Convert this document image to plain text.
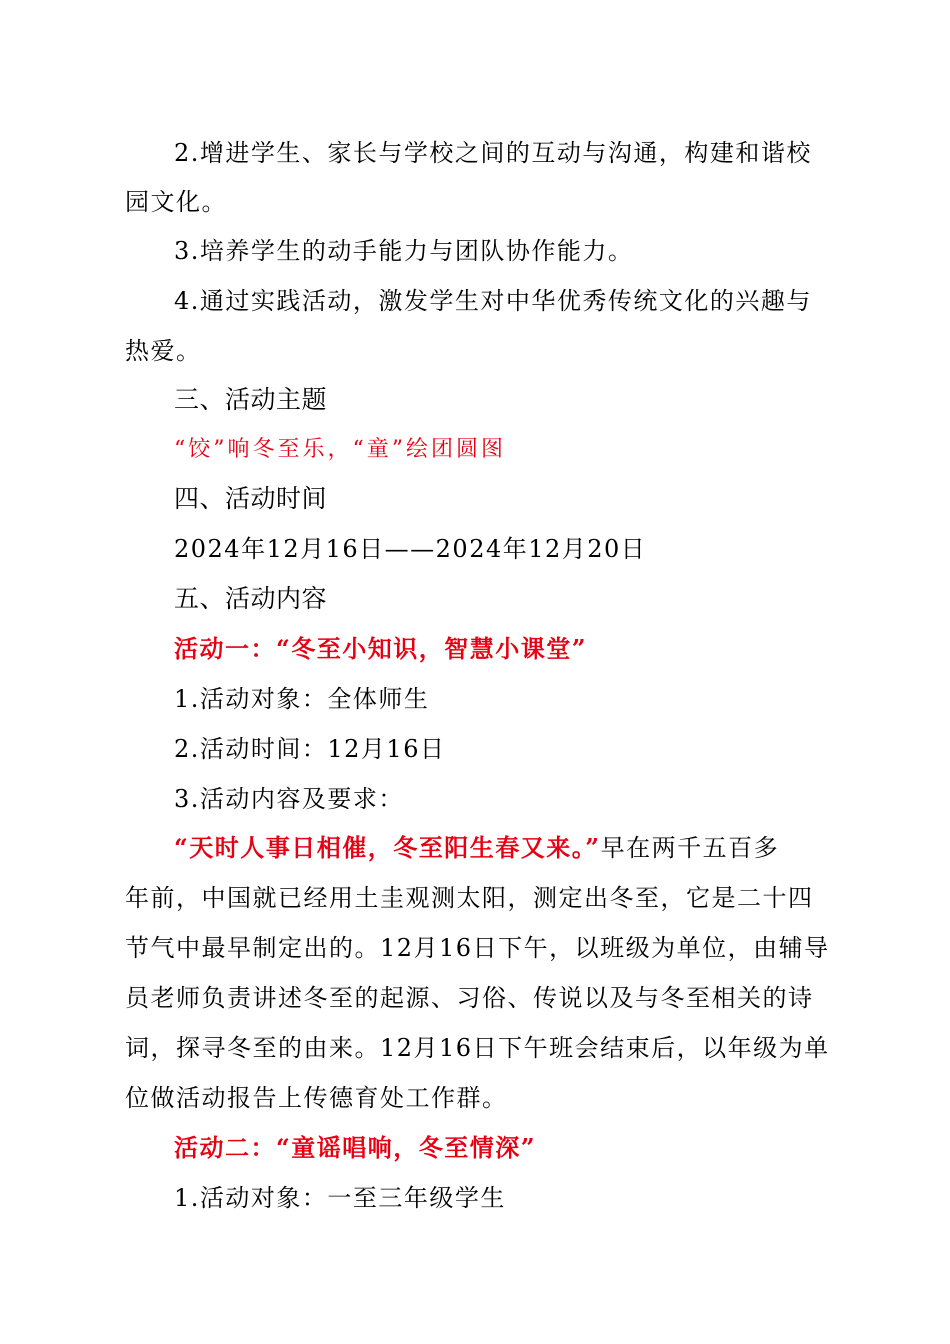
2.增进学生、家长与学校之间的互动与沟通，构建和谐校
园文化。
3.培养学生的动手能力与团队协作能力。
4.通过实践活动，激发学生对中华优秀传统文化的兴趣与
热爱。
三、活动主题
“饺”响冬至乐，“童”绘团圆图
四、活动时间
2024年12月16日——2024年12月20日
五、活动内容
活动一：“冬至小知识，智慧小课堂”
1.活动对象：全体师生
2.活动时间：12月16日
3.活动内容及要求：
“天时人事日相催，冬至阳生春又来。”早在两千五百多
年前，中国就已经用土圭观测太阳，测定出冬至，它是二十四
节气中最早制定出的。12月16日下午，以班级为单位，由辅导
员老师负责讲述冬至的起源、习俗、传说以及与冬至相关的诗
词，探寻冬至的由来。12月16日下午班会结束后，以年级为单
位做活动报告上传德育处工作群。
活动二：“童谣唱响，冬至情深”
1.活动对象：一至三年级学生
